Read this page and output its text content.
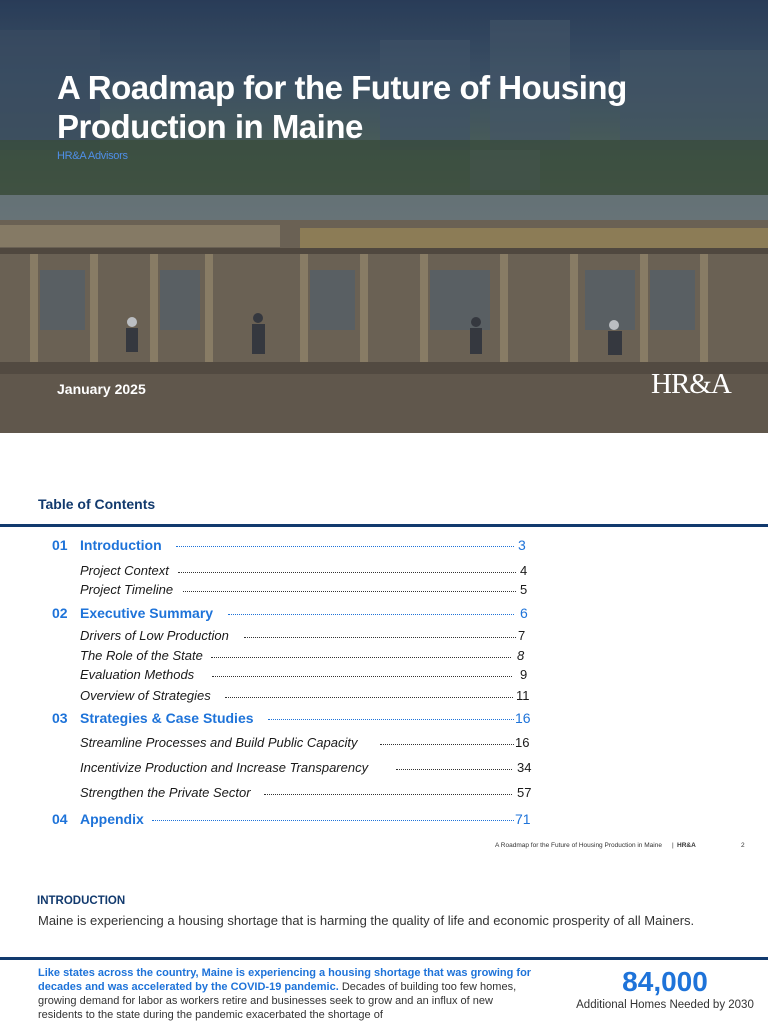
A Roadmap for the Future of Housing Production in Maine
HR&A Advisors
January 2025	HR&A
Table of Contents
01 Introduction	3
Project Context	4
Project Timeline	5
02 Executive Summary	6
Drivers of Low Production	7
The Role of the State	8
Evaluation Methods	9
Overview of Strategies	11
03 Strategies & Case Studies	16
Streamline Processes and Build Public Capacity	16
Incentivize Production and Increase Transparency	34
Strengthen the Private Sector	57
04 Appendix	71
A Roadmap for the Future of Housing Production in Maine | HR&A	2
INTRODUCTION
Maine is experiencing a housing shortage that is harming the quality of life and economic prosperity of all Mainers.
Like states across the country, Maine is experiencing a housing shortage that was growing for decades and was accelerated by the COVID-19 pandemic. Decades of building too few homes, growing demand for labor as workers retire and businesses seek to grow and an influx of new residents to the state during the pandemic exacerbated the shortage of
84,000
Additional Homes Needed by 2030
